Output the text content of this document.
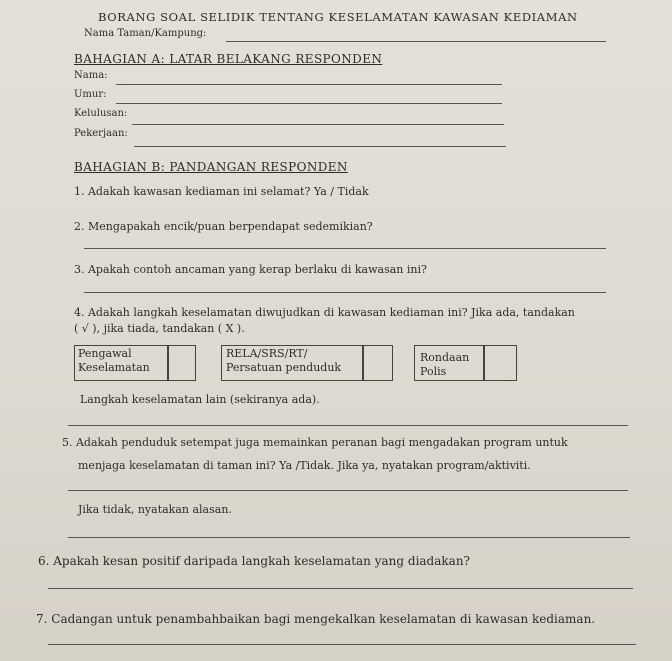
BORANG SOAL SELIDIK TENTANG KESELAMATAN KAWASAN KEDIAMAN
Nama Taman/Kampung:
BAHAGIAN A: LATAR BELAKANG RESPONDEN
Nama:
Umur:
Kelulusan:
Pekerjaan:
BAHAGIAN B: PANDANGAN RESPONDEN
1. Adakah kawasan kediaman ini selamat? Ya / Tidak
2. Mengapakah encik/puan berpendapat sedemikian?
3. Apakah contoh ancaman yang kerap berlaku di kawasan ini?
4. Adakah langkah keselamatan diwujudkan di kawasan kediaman ini? Jika ada, tandakan
( √ ), jika tiada, tandakan ( X ).
Pengawal
Keselamatan
RELA/SRS/RT/
Persatuan penduduk
Rondaan
Polis
Langkah keselamatan lain (sekiranya ada).
5. Adakah penduduk setempat juga memainkan peranan bagi mengadakan program untuk
menjaga keselamatan di taman ini? Ya /Tidak. Jika ya, nyatakan program/aktiviti.
Jika tidak, nyatakan alasan.
6. Apakah kesan positif daripada langkah keselamatan yang diadakan?
7. Cadangan untuk penambahbaikan bagi mengekalkan keselamatan di kawasan kediaman.
